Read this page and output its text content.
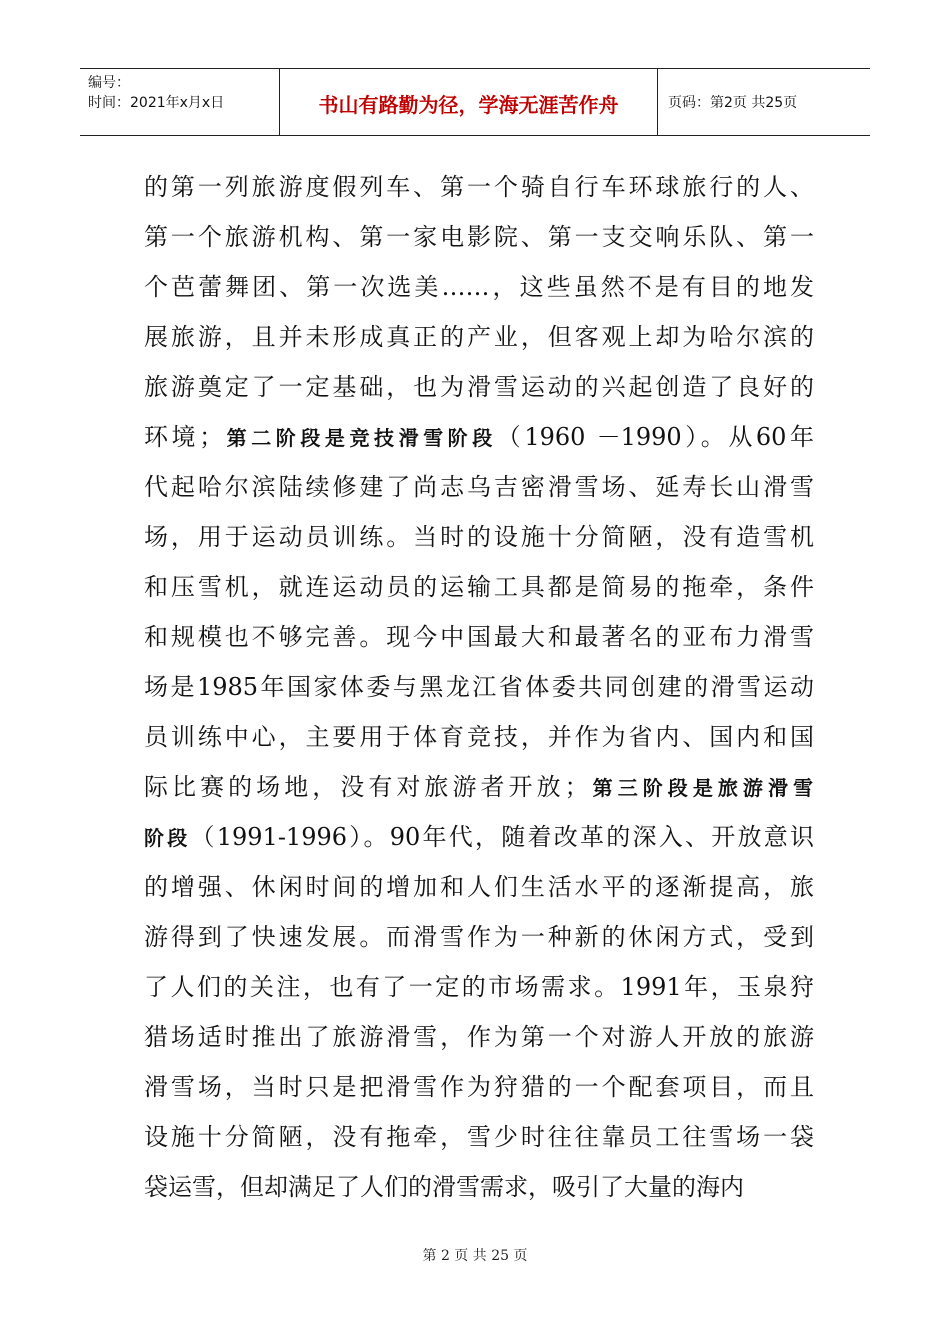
编号：
时间：2021年x月x日	书山有路勤为径，学海无涯苦作舟	页码：第2页 共25页
的第一列旅游度假列车、第一个骑自行车环球旅行的人、
第一个旅游机构、第一家电影院、第一支交响乐队、第一
个芭蕾舞团、第一次选美……，这些虽然不是有目的地发
展旅游，且并未形成真正的产业，但客观上却为哈尔滨的
旅游奠定了一定基础，也为滑雪运动的兴起创造了良好的
环境；第二阶段是竞技滑雪阶段（1960 －1990）。从60年
代起哈尔滨陆续修建了尚志乌吉密滑雪场、延寿长山滑雪
场，用于运动员训练。当时的设施十分简陋，没有造雪机
和压雪机，就连运动员的运输工具都是简易的拖牵，条件
和规模也不够完善。现今中国最大和最著名的亚布力滑雪
场是1985年国家体委与黑龙江省体委共同创建的滑雪运动
员训练中心，主要用于体育竞技，并作为省内、国内和国
际比赛的场地，没有对旅游者开放；第三阶段是旅游滑雪
阶段（1991-1996）。90年代，随着改革的深入、开放意识
的增强、休闲时间的增加和人们生活水平的逐渐提高，旅
游得到了快速发展。而滑雪作为一种新的休闲方式，受到
了人们的关注，也有了一定的市场需求。1991年，玉泉狩
猎场适时推出了旅游滑雪，作为第一个对游人开放的旅游
滑雪场，当时只是把滑雪作为狩猎的一个配套项目，而且
设施十分简陋，没有拖牵，雪少时往往靠员工往雪场一袋
袋运雪，但却满足了人们的滑雪需求，吸引了大量的海内
第 2 页 共 25 页
